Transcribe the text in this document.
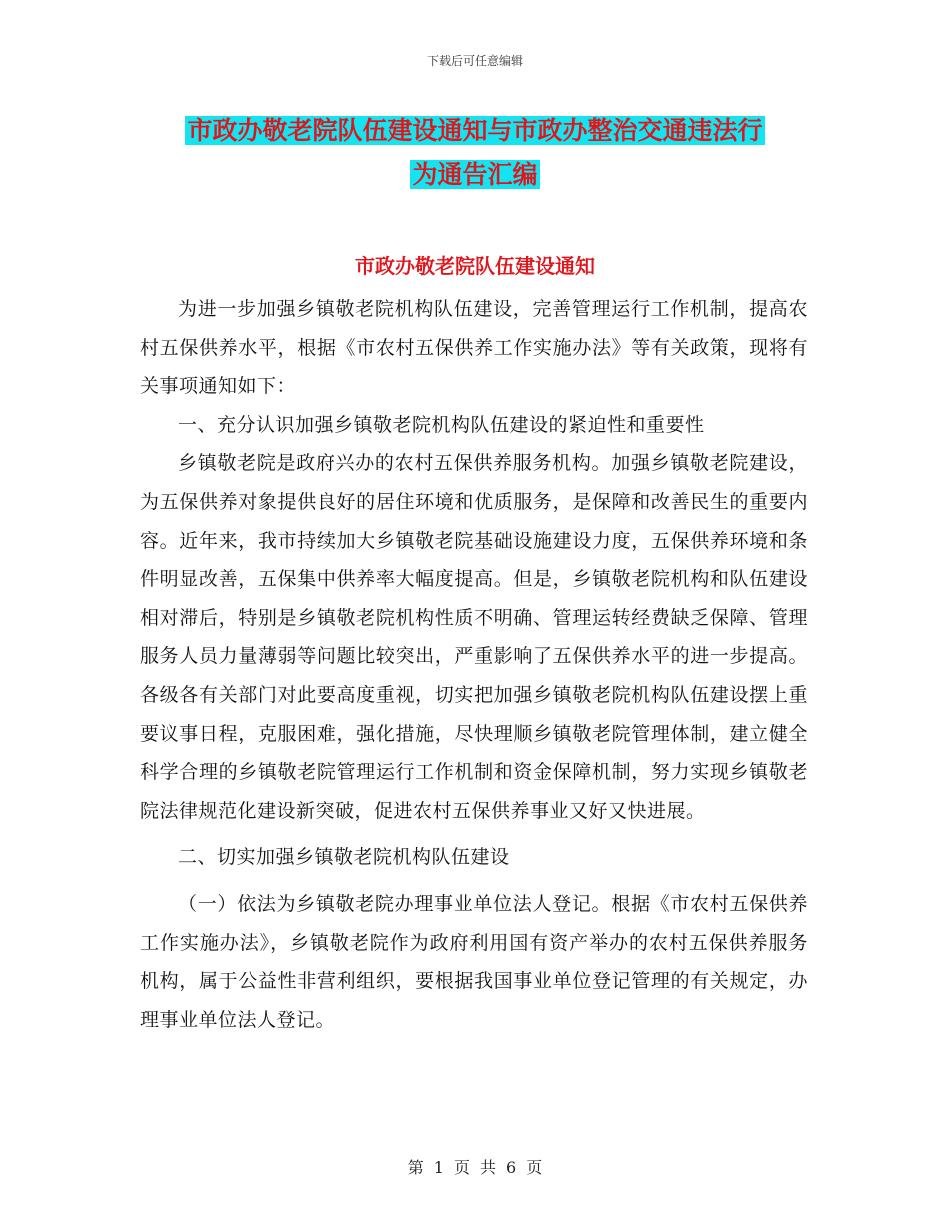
下载后可任意编辑
市政办敬老院队伍建设通知与市政办整治交通违法行
为通告汇编
市政办敬老院队伍建设通知

为进一步加强乡镇敬老院机构队伍建设，完善管理运行工作机制，提高农村五保供养水平，根据《市农村五保供养工作实施办法》等有关政策，现将有关事项通知如下：

一、充分认识加强乡镇敬老院机构队伍建设的紧迫性和重要性

乡镇敬老院是政府兴办的农村五保供养服务机构。加强乡镇敬老院建设，为五保供养对象提供良好的居住环境和优质服务，是保障和改善民生的重要内容。近年来，我市持续加大乡镇敬老院基础设施建设力度，五保供养环境和条件明显改善，五保集中供养率大幅度提高。但是，乡镇敬老院机构和队伍建设相对滞后，特别是乡镇敬老院机构性质不明确、管理运转经费缺乏保障、管理服务人员力量薄弱等问题比较突出，严重影响了五保供养水平的进一步提高。各级各有关部门对此要高度重视，切实把加强乡镇敬老院机构队伍建设摆上重要议事日程，克服困难，强化措施，尽快理顺乡镇敬老院管理体制，建立健全科学合理的乡镇敬老院管理运行工作机制和资金保障机制，努力实现乡镇敬老院法律规范化建设新突破，促进农村五保供养事业又好又快进展。

二、切实加强乡镇敬老院机构队伍建设

（一）依法为乡镇敬老院办理事业单位法人登记。根据《市农村五保供养工作实施办法》，乡镇敬老院作为政府利用国有资产举办的农村五保供养服务机构，属于公益性非营利组织，要根据我国事业单位登记管理的有关规定，办理事业单位法人登记。

第 1 页 共 6 页
